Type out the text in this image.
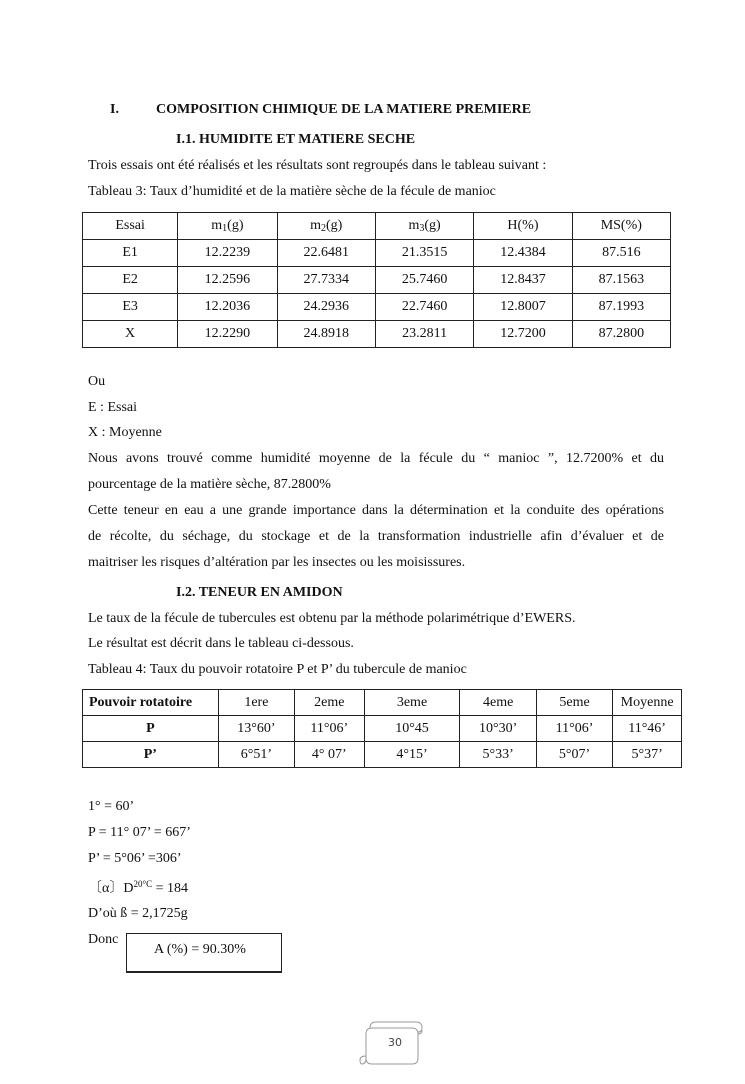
I.	COMPOSITION CHIMIQUE DE LA MATIERE PREMIERE
I.1. HUMIDITE ET MATIERE SECHE
Trois essais ont été réalisés et les résultats sont regroupés dans le tableau suivant :
Tableau 3: Taux d’humidité et de la matière sèche de la fécule de manioc
Essai	$m_1(g)$	$m_2(g)$	$m_3(g)$	H(%)	MS(%)
E1	12.2239	22.6481	21.3515	12.4384	87.516
E2	12.2596	27.7334	25.7460	12.8437	87.1563
E3	12.2036	24.2936	22.7460	12.8007	87.1993
X	12.2290	24.8918	23.2811	12.7200	87.2800
Ou
E : Essai
X : Moyenne
Nous avons trouvé comme humidité moyenne de la fécule du “ manioc ”, 12.7200% et du
pourcentage de la matière sèche, 87.2800%
Cette teneur en eau a une grande importance dans la détermination et la conduite des opérations
de récolte, du séchage, du stockage et de la transformation industrielle afin d’évaluer et de
maitriser les risques d’altération par les insectes ou les moisissures.
I.2. TENEUR EN AMIDON
Le taux de la fécule de tubercules est obtenu par la méthode polarimétrique d’EWERS.
Le résultat est décrit dans le tableau ci-dessous.
Tableau 4: Taux du pouvoir rotatoire P et P’ du tubercule de manioc
Pouvoir rotatoire	1ere	2eme	3eme	4eme	5eme	Moyenne
P	13°60’	11°06’	10°45	10°30’	11°06’	11°46’
P’	6°51’	4° 07’	4°15’	5°33’	5°07’	5°37’
1° = 60’
P = 11° 07’ = 667’
P’ = 5°06’ =306’
〔α〕$D^{20^\circ C} = 184$
D’où ß = 2,1725g
Donc
A (%) = 90.30%
30
